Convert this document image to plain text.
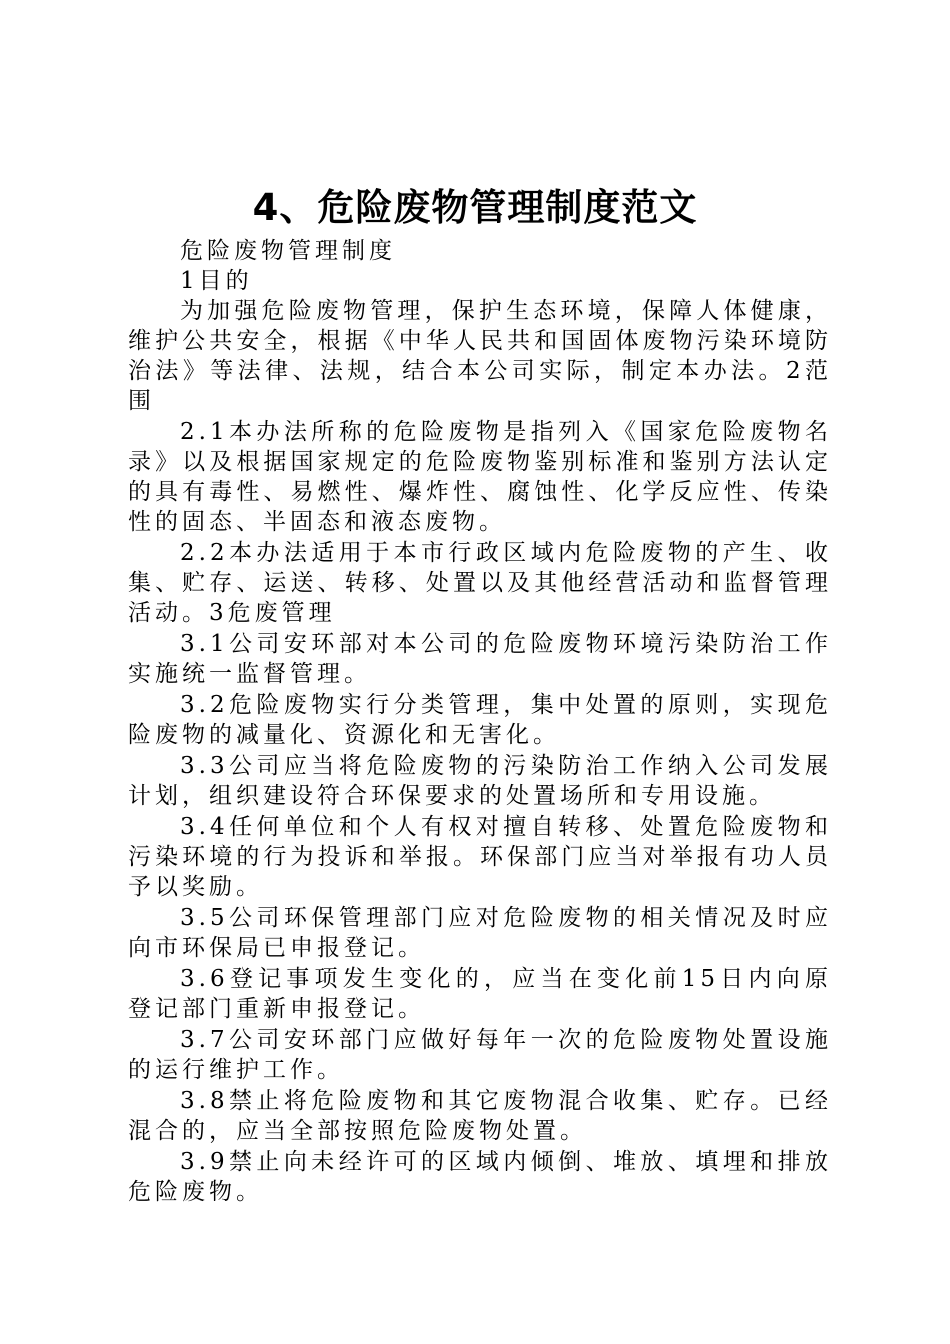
4、危险废物管理制度范文

危险废物管理制度

1目的

为加强危险废物管理，保护生态环境，保障人体健康，维护公共安全，根据《中华人民共和国固体废物污染环境防治法》等法律、法规，结合本公司实际，制定本办法。2范围

2.1本办法所称的危险废物是指列入《国家危险废物名录》以及根据国家规定的危险废物鉴别标准和鉴别方法认定的具有毒性、易燃性、爆炸性、腐蚀性、化学反应性、传染性的固态、半固态和液态废物。

2.2本办法适用于本市行政区域内危险废物的产生、收集、贮存、运送、转移、处置以及其他经营活动和监督管理活动。3危废管理

3.1公司安环部对本公司的危险废物环境污染防治工作实施统一监督管理。

3.2危险废物实行分类管理，集中处置的原则，实现危险废物的减量化、资源化和无害化。

3.3公司应当将危险废物的污染防治工作纳入公司发展计划，组织建设符合环保要求的处置场所和专用设施。

3.4任何单位和个人有权对擅自转移、处置危险废物和污染环境的行为投诉和举报。环保部门应当对举报有功人员予以奖励。

3.5公司环保管理部门应对危险废物的相关情况及时应向市环保局已申报登记。

3.6登记事项发生变化的，应当在变化前15日内向原登记部门重新申报登记。

3.7公司安环部门应做好每年一次的危险废物处置设施的运行维护工作。

3.8禁止将危险废物和其它废物混合收集、贮存。已经混合的，应当全部按照危险废物处置。

3.9禁止向未经许可的区域内倾倒、堆放、填埋和排放危险废物。
